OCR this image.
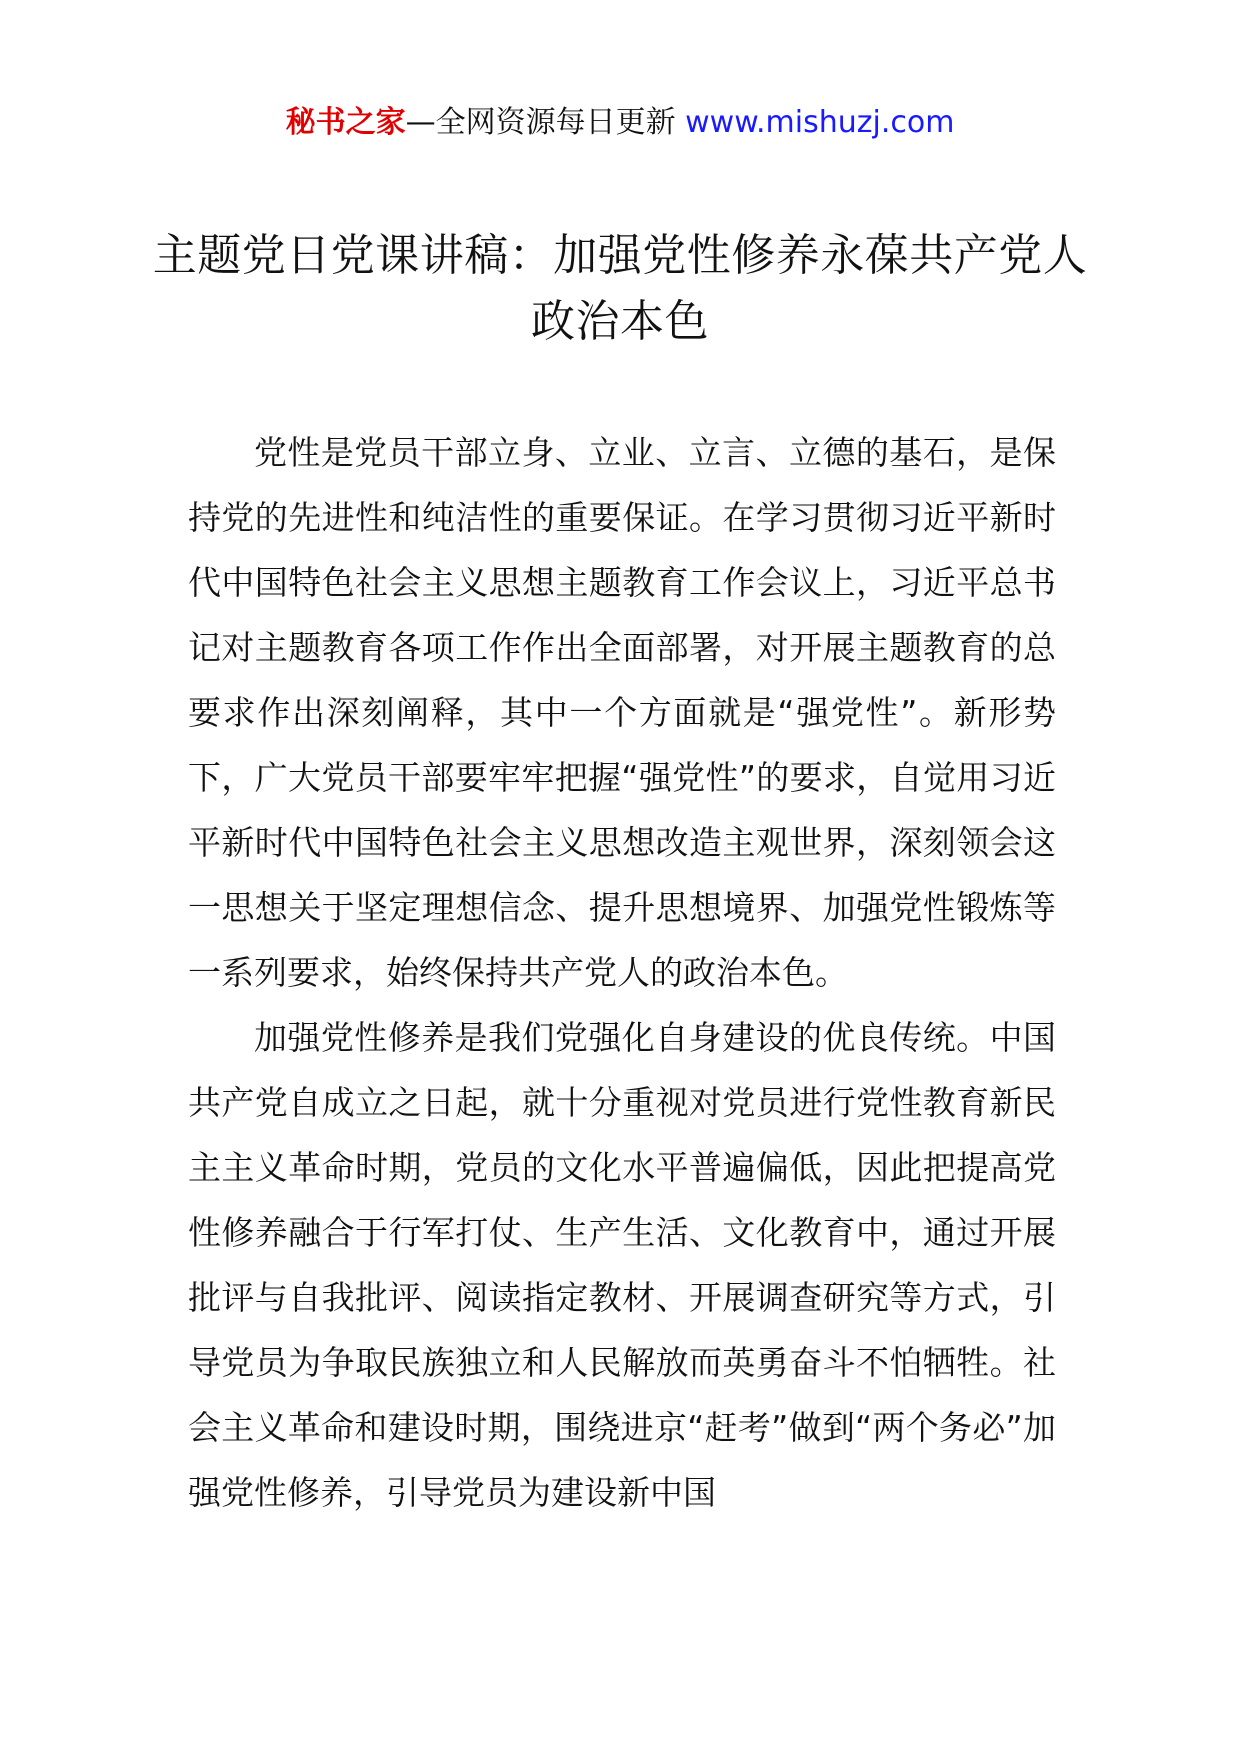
秘书之家—全网资源每日更新 www.mishuzj.com
主题党日党课讲稿：加强党性修养永葆共产党人政治本色

党性是党员干部立身、立业、立言、立德的基石，是保持党的先进性和纯洁性的重要保证。在学习贯彻习近平新时代中国特色社会主义思想主题教育工作会议上，习近平总书记对主题教育各项工作作出全面部署，对开展主题教育的总要求作出深刻阐释，其中一个方面就是“强党性”。新形势下，广大党员干部要牢牢把握“强党性”的要求，自觉用习近平新时代中国特色社会主义思想改造主观世界，深刻领会这一思想关于坚定理想信念、提升思想境界、加强党性锻炼等一系列要求，始终保持共产党人的政治本色。

加强党性修养是我们党强化自身建设的优良传统。中国共产党自成立之日起，就十分重视对党员进行党性教育新民主主义革命时期，党员的文化水平普遍偏低，因此把提高党性修养融合于行军打仗、生产生活、文化教育中，通过开展批评与自我批评、阅读指定教材、开展调查研究等方式，引导党员为争取民族独立和人民解放而英勇奋斗不怕牺牲。社会主义革命和建设时期，围绕进京“赶考”做到“两个务必”加强党性修养，引导党员为建设新中国
